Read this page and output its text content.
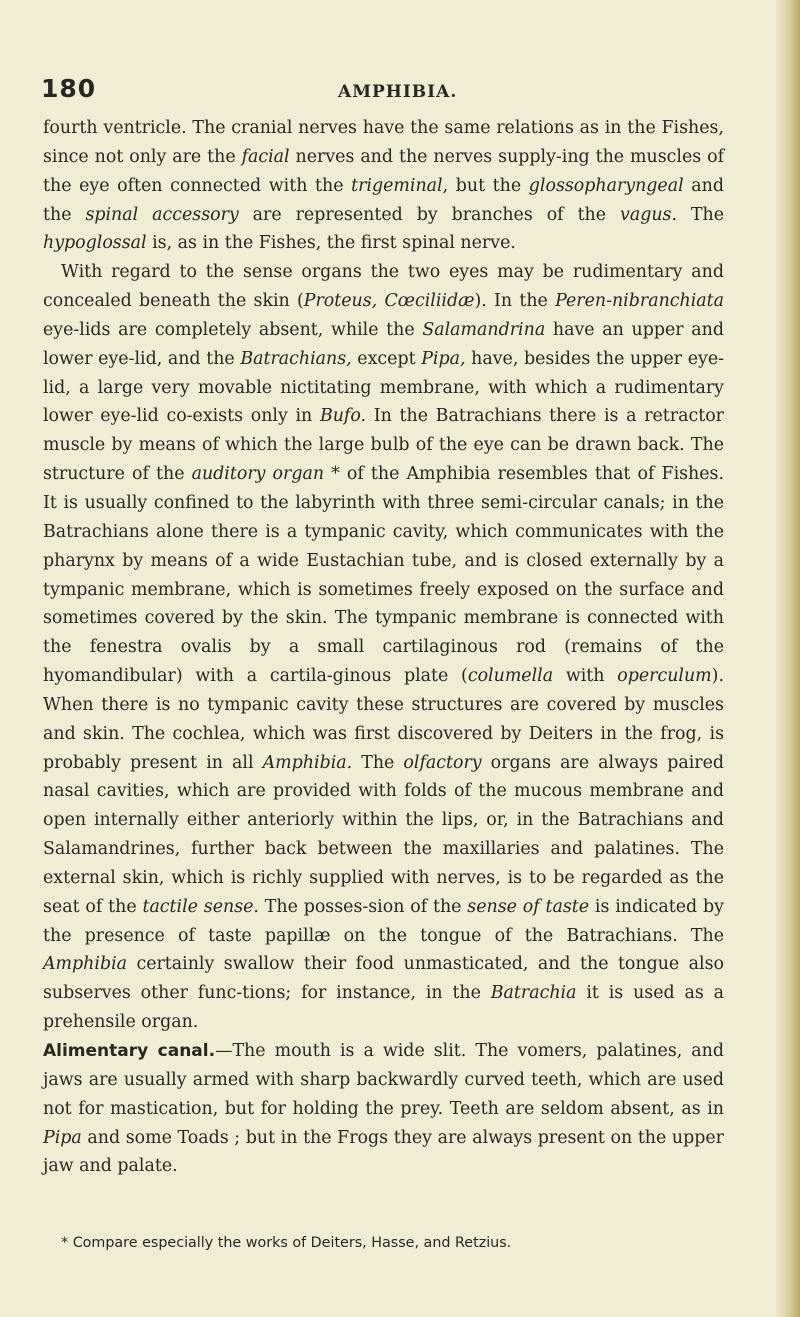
180	AMPHIBIA.

fourth ventricle. The cranial nerves have the same relations as in the Fishes, since not only are the facial nerves and the nerves supply-ing the muscles of the eye often connected with the trigeminal, but the glossopharyngeal and the spinal accessory are represented by branches of the vagus. The hypoglossal is, as in the Fishes, the first spinal nerve.

With regard to the sense organs the two eyes may be rudimentary and concealed beneath the skin (Proteus, Cœciliidæ). In the Peren-nibranchiata eye-lids are completely absent, while the Salamandrina have an upper and lower eye-lid, and the Batrachians, except Pipa, have, besides the upper eye-lid, a large very movable nictitating membrane, with which a rudimentary lower eye-lid co-exists only in Bufo. In the Batrachians there is a retractor muscle by means of which the large bulb of the eye can be drawn back. The structure of the auditory organ * of the Amphibia resembles that of Fishes. It is usually confined to the labyrinth with three semi-circular canals; in the Batrachians alone there is a tympanic cavity, which communicates with the pharynx by means of a wide Eustachian tube, and is closed externally by a tympanic membrane, which is sometimes freely exposed on the surface and sometimes covered by the skin. The tympanic membrane is connected with the fenestra ovalis by a small cartilaginous rod (remains of the hyomandibular) with a cartila-ginous plate (columella with operculum). When there is no tympanic cavity these structures are covered by muscles and skin. The cochlea, which was first discovered by Deiters in the frog, is probably present in all Amphibia. The olfactory organs are always paired nasal cavities, which are provided with folds of the mucous membrane and open internally either anteriorly within the lips, or, in the Batrachians and Salamandrines, further back between the maxillaries and palatines. The external skin, which is richly supplied with nerves, is to be regarded as the seat of the tactile sense. The posses-sion of the sense of taste is indicated by the presence of taste papillæ on the tongue of the Batrachians. The Amphibia certainly swallow their food unmasticated, and the tongue also subserves other func-tions; for instance, in the Batrachia it is used as a prehensile organ.

Alimentary canal.—The mouth is a wide slit. The vomers, palatines, and jaws are usually armed with sharp backwardly curved teeth, which are used not for mastication, but for holding the prey. Teeth are seldom absent, as in Pipa and some Toads ; but in the Frogs they are always present on the upper jaw and palate.

* Compare especially the works of Deiters, Hasse, and Retzius.
